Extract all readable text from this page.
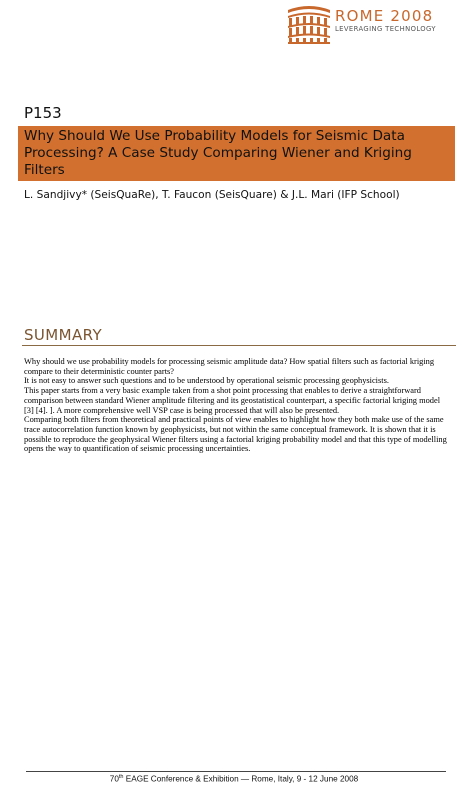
ROME 2008
LEVERAGING TECHNOLOGY
P153
Why Should We Use Probability Models for Seismic Data Processing? A Case Study Comparing Wiener and Kriging Filters
L. Sandjivy* (SeisQuaRe), T. Faucon (SeisQuare) & J.L. Mari (IFP School)
SUMMARY

Why should we use probability models for processing seismic amplitude data? How spatial filters such as factorial kriging compare to their deterministic counter parts?

It is not easy to answer such questions and to be understood by operational seismic processing geophysicists.

This paper starts from a very basic example taken from a shot point processing that enables to derive a straightforward comparison between standard Wiener amplitude filtering and its geostatistical counterpart, a specific factorial kriging model [3] [4]. ]. A more comprehensive well VSP case is being processed that will also be presented.

Comparing both filters from theoretical and practical points of view enables to highlight how they both make use of the same trace autocorrelation function known by geophysicists, but not within the same conceptual framework. It is shown that it is possible to reproduce the geophysical Wiener filters using a factorial kriging probability model and that this type of modelling opens the way to quantification of seismic processing uncertainties.

70th EAGE Conference & Exhibition — Rome, Italy, 9 - 12 June 2008
